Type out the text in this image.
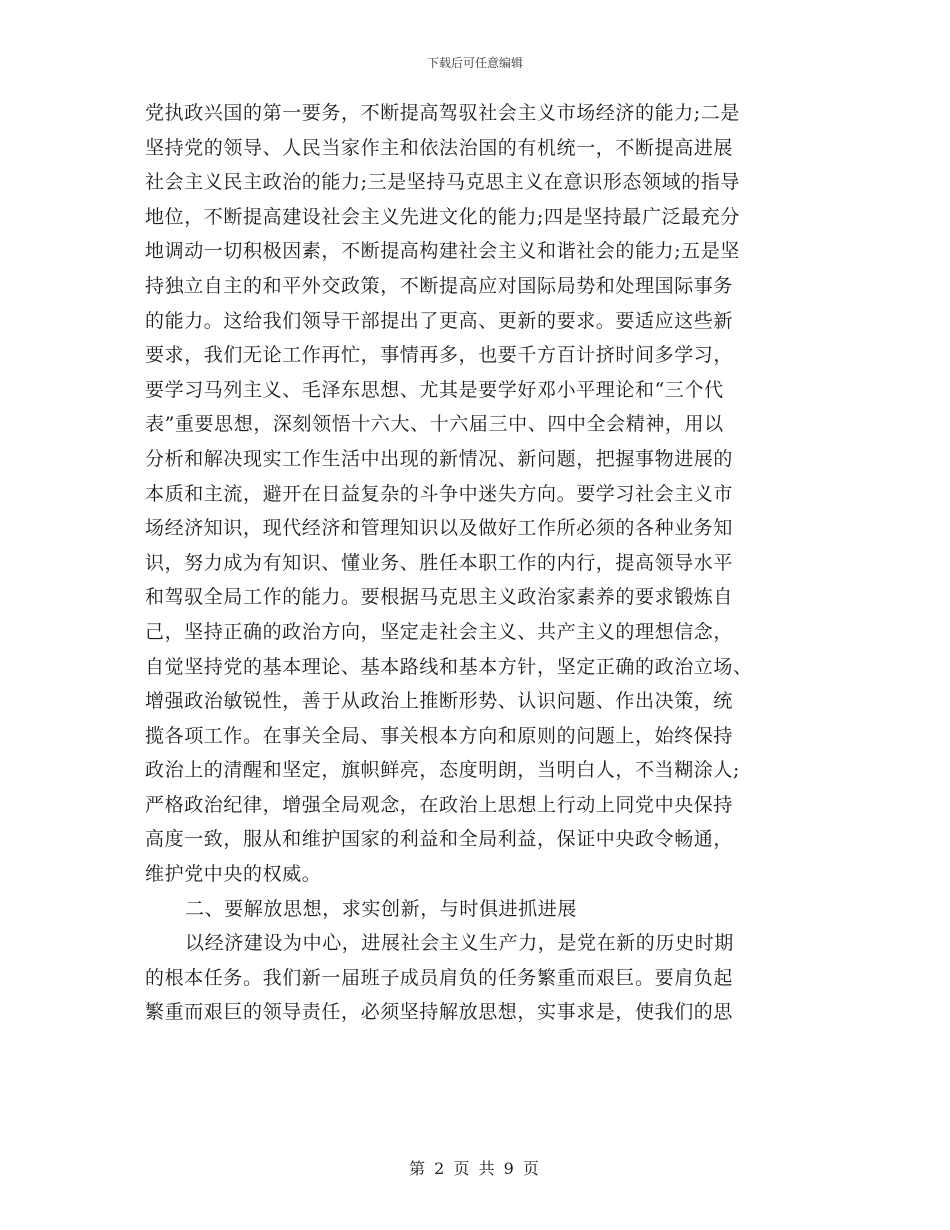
下载后可任意编辑
党执政兴国的第一要务，不断提高驾驭社会主义市场经济的能力;二是
坚持党的领导、人民当家作主和依法治国的有机统一，不断提高进展
社会主义民主政治的能力;三是坚持马克思主义在意识形态领域的指导
地位，不断提高建设社会主义先进文化的能力;四是坚持最广泛最充分
地调动一切积极因素，不断提高构建社会主义和谐社会的能力;五是坚
持独立自主的和平外交政策，不断提高应对国际局势和处理国际事务
的能力。这给我们领导干部提出了更高、更新的要求。要适应这些新
要求，我们无论工作再忙，事情再多，也要千方百计挤时间多学习，
要学习马列主义、毛泽东思想、尤其是要学好邓小平理论和“三个代
表”重要思想，深刻领悟十六大、十六届三中、四中全会精神，用以
分析和解决现实工作生活中出现的新情况、新问题，把握事物进展的
本质和主流，避开在日益复杂的斗争中迷失方向。要学习社会主义市
场经济知识，现代经济和管理知识以及做好工作所必须的各种业务知
识，努力成为有知识、懂业务、胜任本职工作的内行，提高领导水平
和驾驭全局工作的能力。要根据马克思主义政治家素养的要求锻炼自
己，坚持正确的政治方向，坚定走社会主义、共产主义的理想信念，
自觉坚持党的基本理论、基本路线和基本方针，坚定正确的政治立场、
增强政治敏锐性，善于从政治上推断形势、认识问题、作出决策，统
揽各项工作。在事关全局、事关根本方向和原则的问题上，始终保持
政治上的清醒和坚定，旗帜鲜亮，态度明朗，当明白人，不当糊涂人;
严格政治纪律，增强全局观念，在政治上思想上行动上同党中央保持
高度一致，服从和维护国家的利益和全局利益，保证中央政令畅通，
维护党中央的权威。
二、要解放思想，求实创新，与时俱进抓进展
以经济建设为中心，进展社会主义生产力，是党在新的历史时期
的根本任务。我们新一届班子成员肩负的任务繁重而艰巨。要肩负起
繁重而艰巨的领导责任，必须坚持解放思想，实事求是，使我们的思
第 2 页 共 9 页
